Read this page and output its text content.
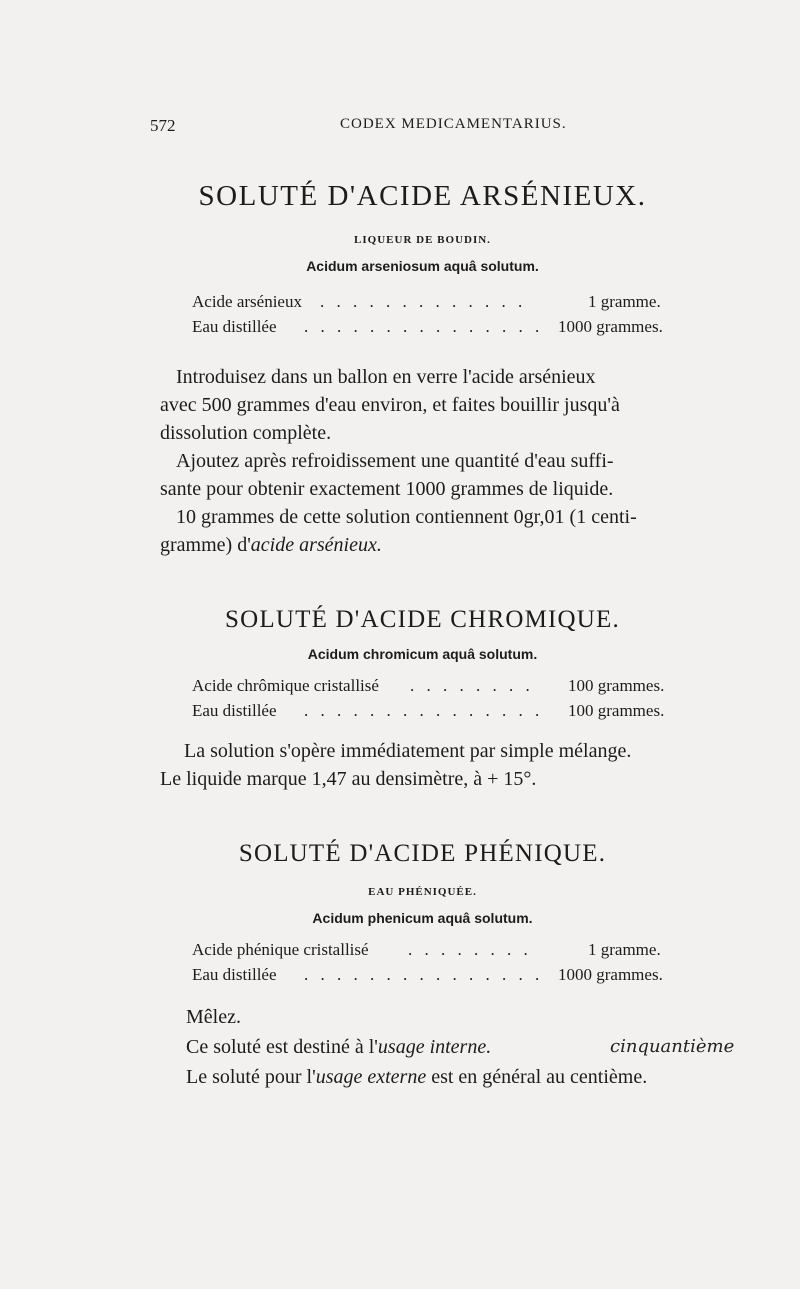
572	CODEX MEDICAMENTARIUS.
SOLUTÉ D'ACIDE ARSÉNIEUX.
LIQUEUR DE BOUDIN.
Acidum arseniosum aquâ solutum.
Acide arsénieux . . . . . . . . . . . . .	1 gramme.
Eau distillée . . . . . . . . . . . . . . . 1000 grammes.
Introduisez dans un ballon en verre l'acide arsénieux
avec 500 grammes d'eau environ, et faites bouillir jusqu'à
dissolution complète.
Ajoutez après refroidissement une quantité d'eau suffi-
sante pour obtenir exactement 1000 grammes de liquide.
10 grammes de cette solution contiennent 0gr,01 (1 centi-
gramme) d'acide arsénieux.
SOLUTÉ D'ACIDE CHROMIQUE.
Acidum chromicum aquâ solutum.
Acide chrômique cristallisé . . . . . . . . 100 grammes.
Eau distillée . . . . . . . . . . . . . . . 100 grammes.
La solution s'opère immédiatement par simple mélange.
Le liquide marque 1,47 au densimètre, à + 15°.
SOLUTÉ D'ACIDE PHÉNIQUE.
EAU PHÉNIQUÉE.
Acidum phenicum aquâ solutum.
Acide phénique cristallisé . . . . . . . .	1 gramme.
Eau distillée . . . . . . . . . . . . . . . 1000 grammes.
Mêlez.
Ce soluté est destiné à l'usage interne.	cinquantième
Le soluté pour l'usage externe est en général au centième.
